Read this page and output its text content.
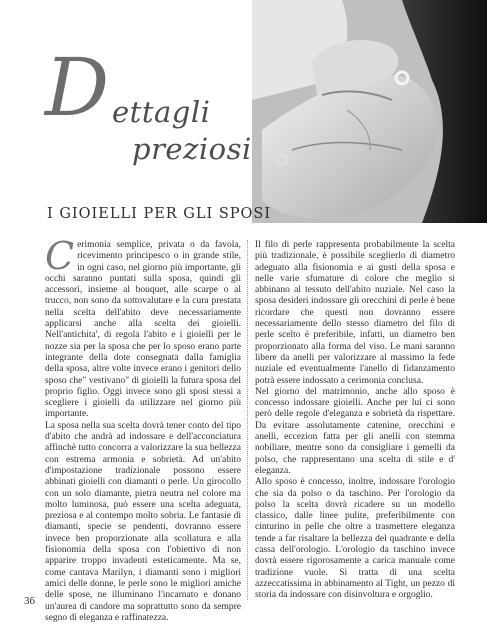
D ettagli
preziosi
I GIOIELLI PER GLI SPOSI

Cerimonia semplice, privata o da favola, ricevimento principesco o in grande stile, in ogni caso, nel giorno più importante, gli occhi saranno puntati sulla sposa, quindi gli accessori, insieme al bouquet, alle scarpe o al trucco, non sono da sottovalutare e la cura prestata nella scelta dell'abito deve necessariamente applicarsi anche alla scelta dei gioielli. Nell'antichita', di regola l'abito e i gioielli per le nozze sia per la sposa che per lo sposo erano parte integrante della dote consegnata dalla famiglia della sposa, altre volte invece erano i genitori dello sposo che" vestivano" di gioielli la futura sposa del proprio figlio. Oggi invece sono gli sposi stessi a scegliere i gioielli da utilizzare nel giorno più importante.

La sposa nella sua scelta dovrà tener conto del tipo d'abito che andrà ad indossare e dell'acconciatura affinchè tutto concorra a valorizzare la sua bellezza con estrema armonia e sobrietà. Ad un'abito d'impostazione tradizionale possono essere abbinati gioielli con diamanti o perle. Un girocollo con un solo diamante, pietra neutra nel colore ma molto luminosa, può essere una scelta adeguata, preziosa e al contempo molto sobria. Le fantasie di diamanti, specie se pendenti, dovranno essere invece ben proporzionate alla scollatura e alla fisionomia della sposa con l'obiettivo di non apparire troppo invadenti esteticamente. Ma se, come cantava Marilyn, i diamanti sono i migliori amici delle donne, le perle sono le migliori amiche delle spose, ne illuminano l'incarnato e donano un'aurea di candore ma soprattutto sono da sempre segno di eleganza e raffinatezza.

Il filo di perle rappresenta probabilmente la scelta più tradizionale, è possibile sceglierlo di diametro adeguato alla fisionomia e ai gusti della sposa e nelle varie sfumature di colore che meglio si abbinano al tessuto dell'abito nuziale. Nel caso la sposa desideri indossare gli orecchini di perle è bene ricordare che questi non dovranno essere necessariamente dello stesso diametro del filo di perle scelto è preferibile, infatti, un diametro ben proporzionato alla forma del viso. Le mani saranno libere da anelli per valorizzare al massimo la fede nuziale ed eventualmente l'anello di fidanzamento potrà essere indossato a cerimonia conclusa.

Nel giorno del matrimonio, anche allo sposo è concesso indossare gioielli. Anche per lui ci sono però delle regole d'eleganza e sobrietà da rispettare. Da evitare assolutamente catenine, orecchini e anelli, eccezion fatta per gli anelli con stemma nobiliare, mentre sono da consigliare i gemelli da polso, che rappresentano una scelta di stile e d' eleganza.

Allo sposo è concesso, inoltre, indossare l'orologio che sia da polso o da taschino. Per l'orologio da polso la scelta dovrà ricadere su un modello classico, dalle linee pulite, preferibilmente con cinturino in pelle che oltre a trasmettere eleganza tende a far risaltare la bellezza del quadrante e della cassa dell'orologio. L'orologio da taschino invece dovrà essere rigorosamente a carica manuale come tradizione vuole. Si tratta di una scelta azzeccatissima in abbinamento al Tight, un pezzo di storia da indossare con disinvoltura e orgoglio.

36
